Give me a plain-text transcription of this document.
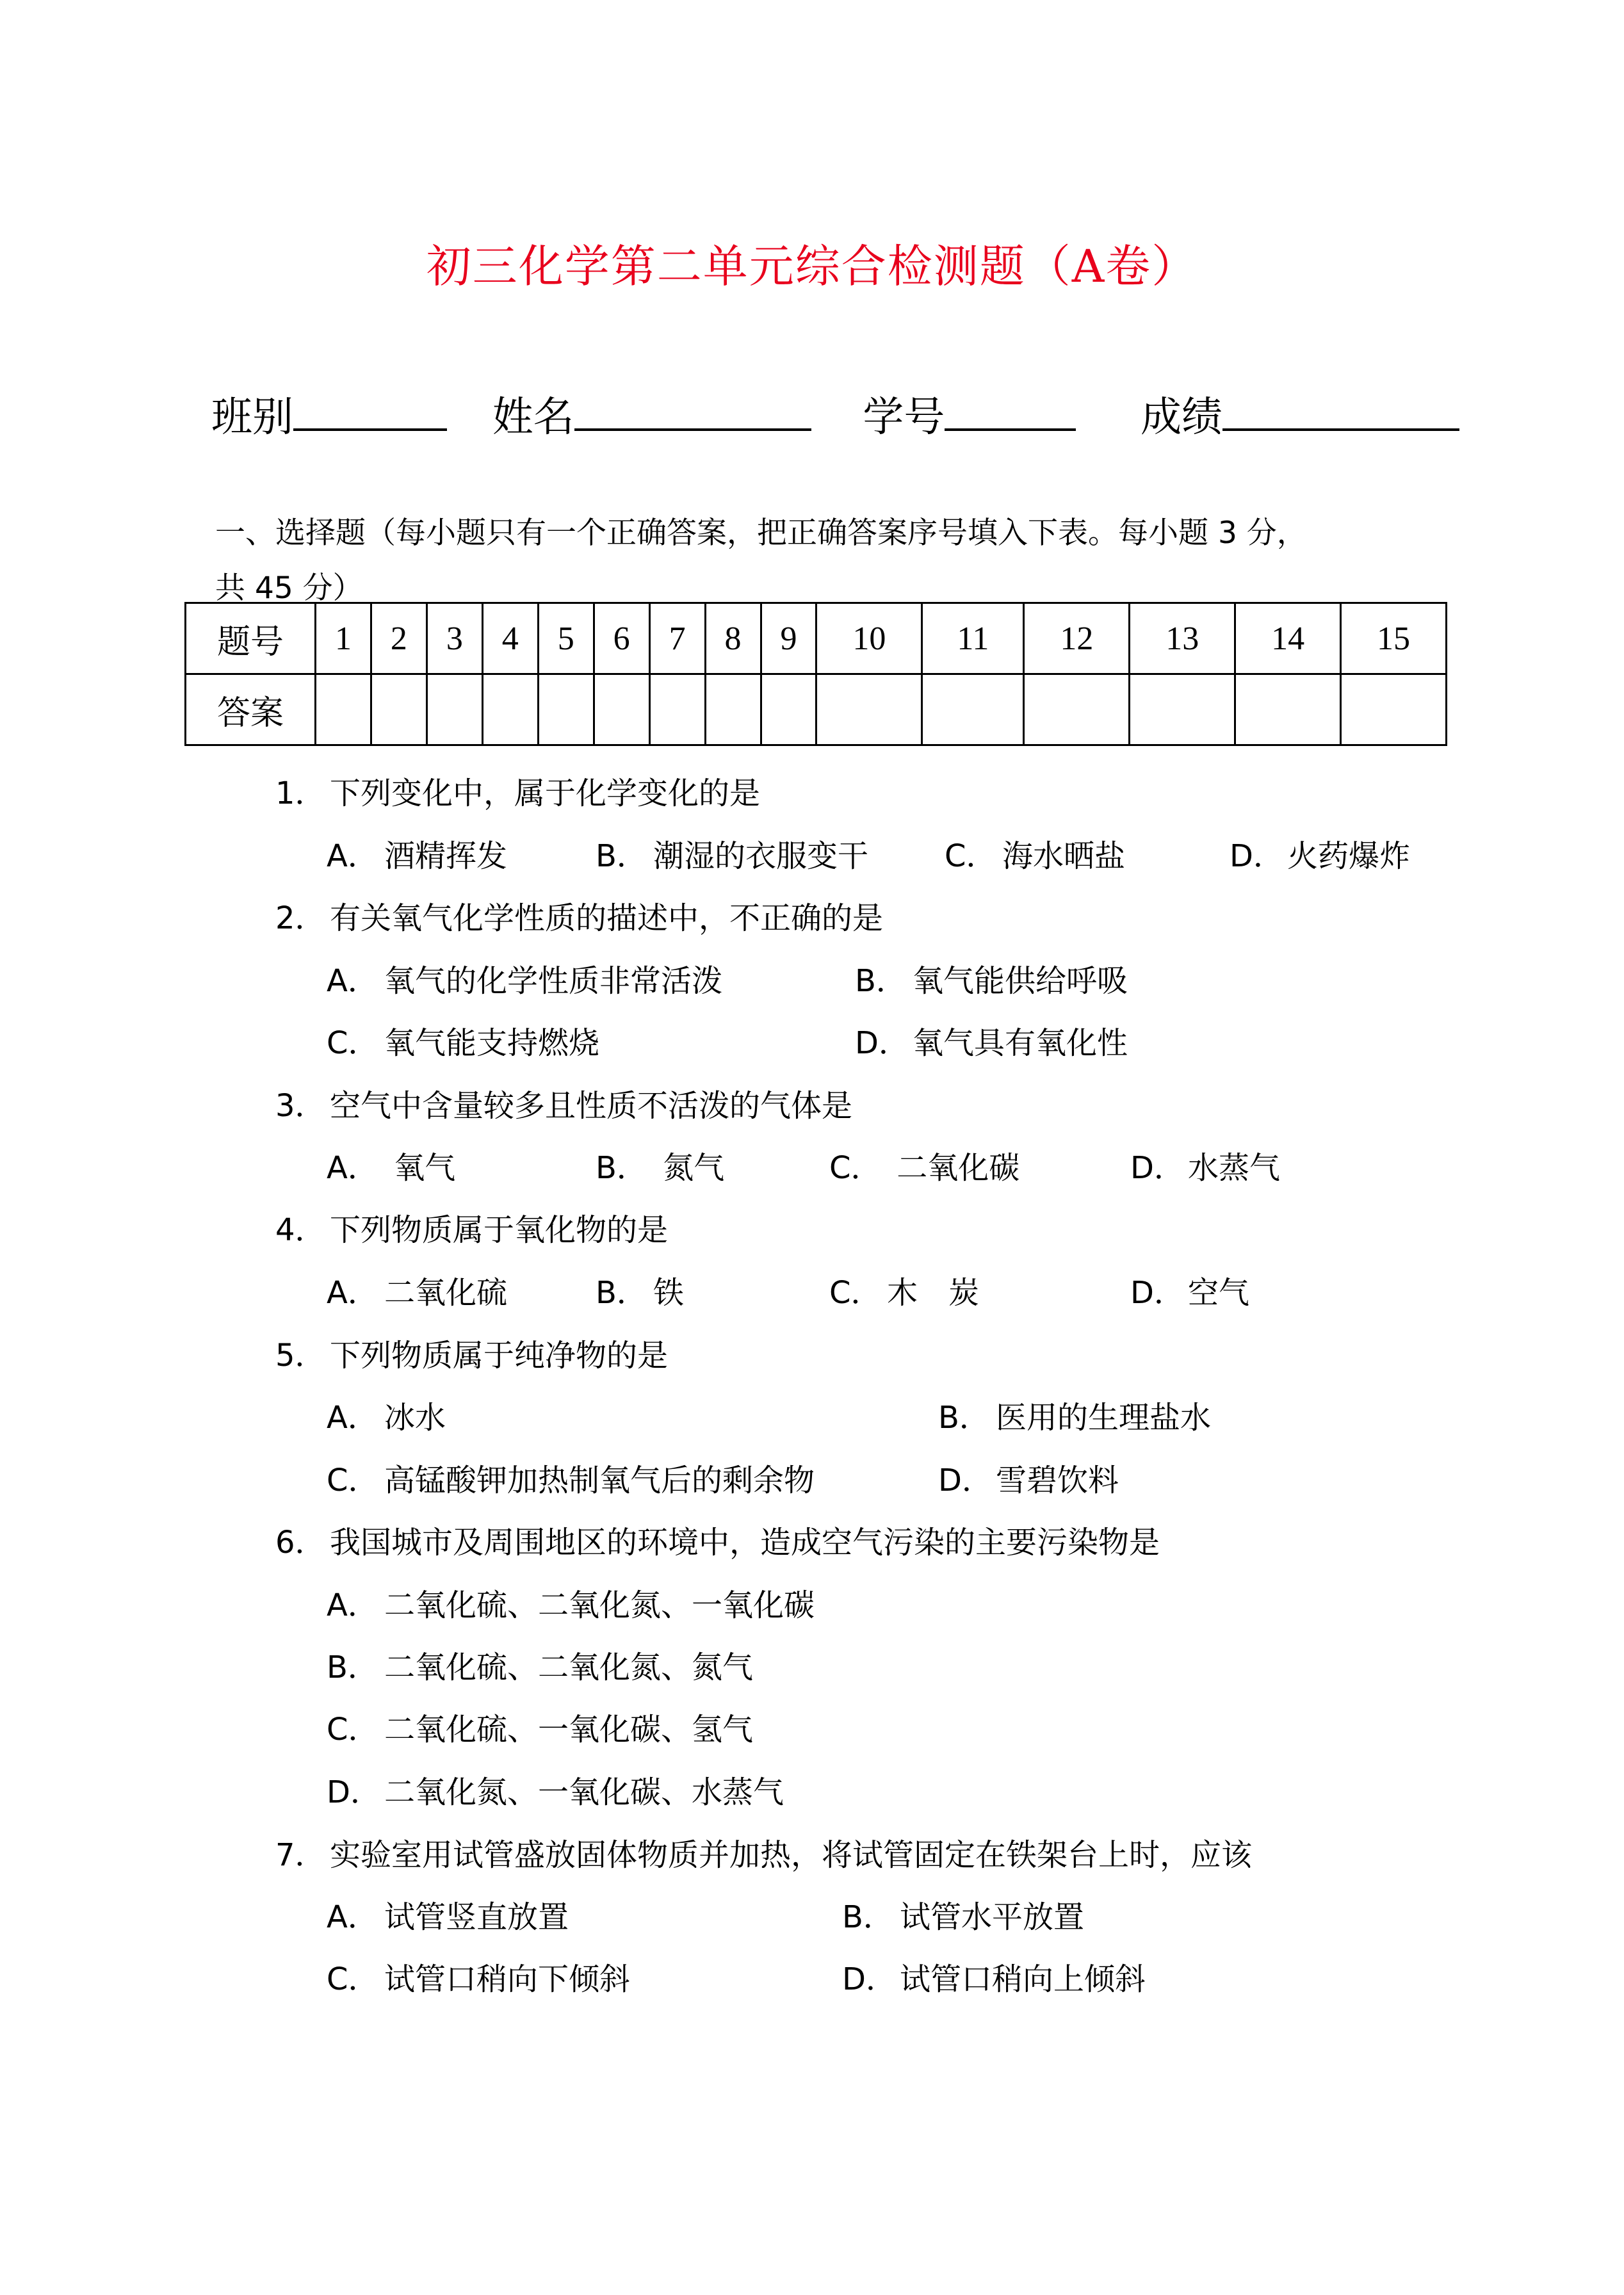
初三化学第二单元综合检测题（A卷）
班别	姓名	学号	成绩
一、选择题（每小题只有一个正确答案，把正确答案序号填入下表。每小题 3 分，
共 45 分）
题号	1	2	3	4	5	6	7	8	9	10	11	12	13	14	15
答案															
1． 下列变化中，属于化学变化的是
A． 酒精挥发	B． 潮湿的衣服变干 C． 海水晒盐	D． 火药爆炸
2． 有关氧气化学性质的描述中，不正确的是
A． 氧气的化学性质非常活泼	B． 氧气能供给呼吸
C． 氧气能支持燃烧	D． 氧气具有氧化性
3． 空气中含量较多且性质不活泼的气体是
A． 氧气	B． 氮气	C． 二氧化碳	D． 水蒸气
4． 下列物质属于氧化物的是
A． 二氧化硫	B． 铁	C． 木　炭	D． 空气
5． 下列物质属于纯净物的是
A． 冰水	B． 医用的生理盐水
C． 高锰酸钾加热制氧气后的剩余物	D． 雪碧饮料
6． 我国城市及周围地区的环境中，造成空气污染的主要污染物是
A． 二氧化硫、二氧化氮、一氧化碳
B． 二氧化硫、二氧化氮、氮气
C． 二氧化硫、一氧化碳、氢气
D． 二氧化氮、一氧化碳、水蒸气
7． 实验室用试管盛放固体物质并加热，将试管固定在铁架台上时，应该
A． 试管竖直放置	B． 试管水平放置
C． 试管口稍向下倾斜	D． 试管口稍向上倾斜
